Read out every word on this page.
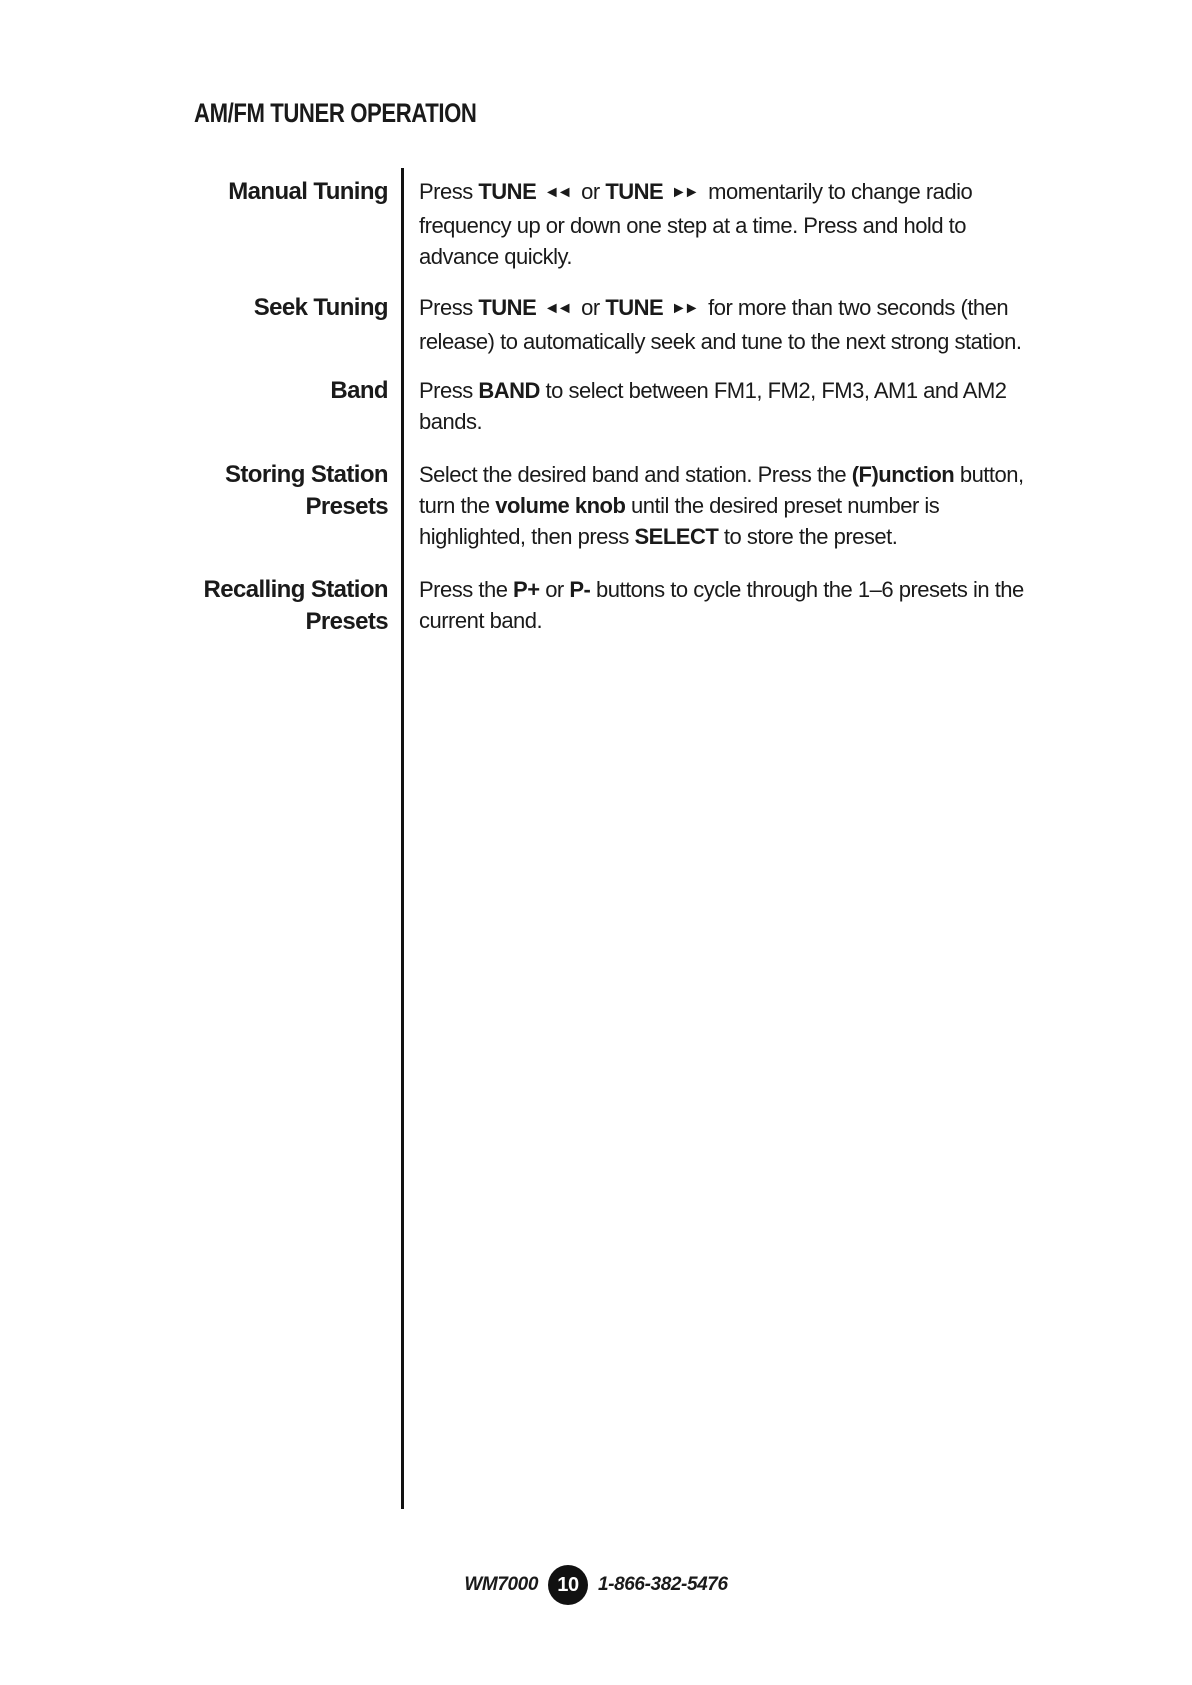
AM/FM TUNER OPERATION
Manual Tuning Press TUNE ◄◄ or TUNE ►► momentarily to change radio frequency up or down one step at a time. Press and hold to advance quickly.
Seek Tuning Press TUNE ◄◄ or TUNE ►► for more than two seconds (then release) to automatically seek and tune to the next strong station.
Band Press BAND to select between FM1, FM2, FM3, AM1 and AM2 bands.
Storing Station
Presets
Select the desired band and station. Press the (F)unction button, turn the volume knob until the desired preset number is highlighted, then press SELECT to store the preset.
Recalling Station
Presets
Press the P+ or P- buttons to cycle through the 1–6 presets in the current band.
WM7000 10	1-866-382-5476
